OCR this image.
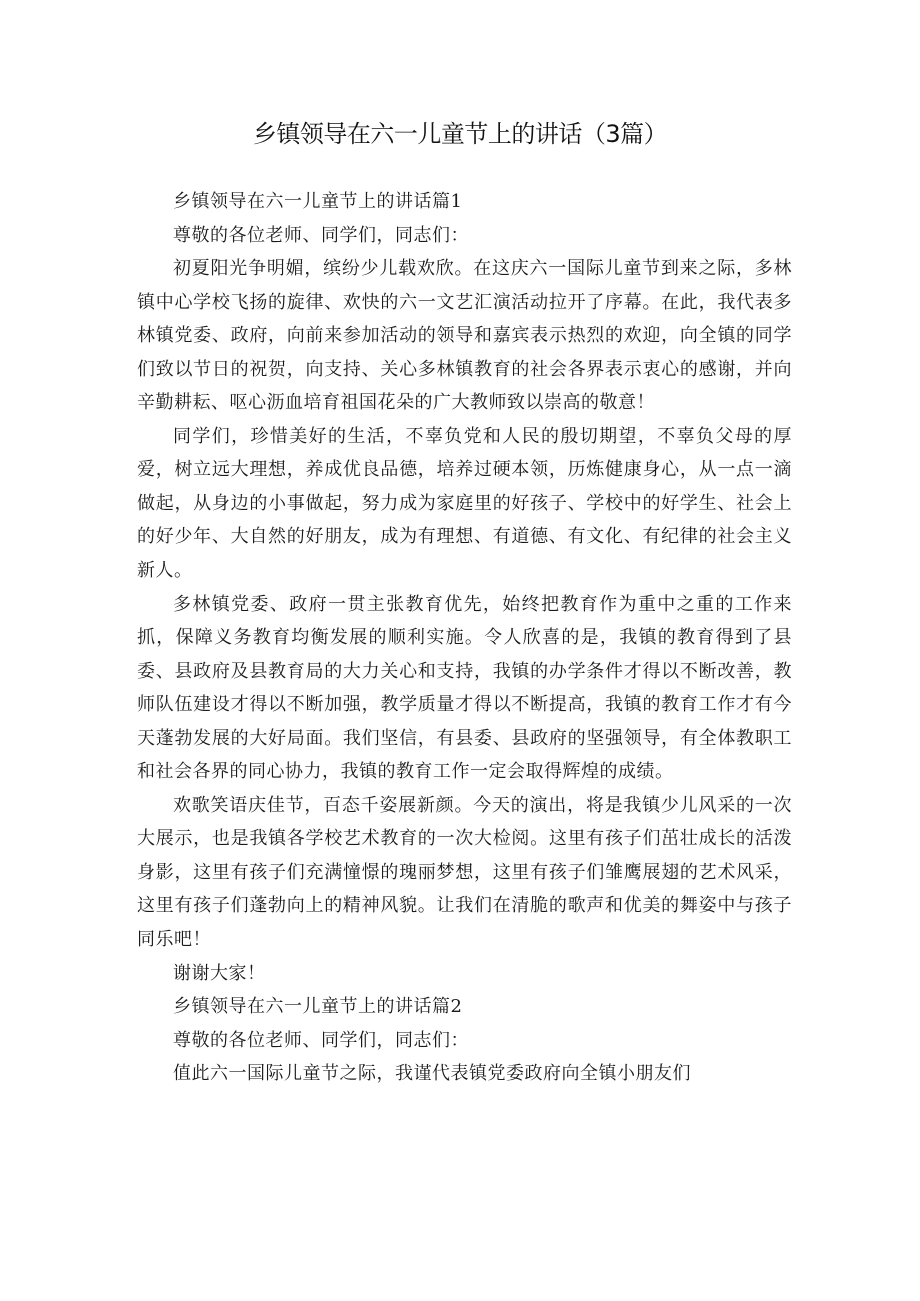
乡镇领导在六一儿童节上的讲话（3篇）

乡镇领导在六一儿童节上的讲话篇1

尊敬的各位老师、同学们，同志们：

初夏阳光争明媚，缤纷少儿载欢欣。在这庆六一国际儿童节到来之际，多林镇中心学校飞扬的旋律、欢快的六一文艺汇演活动拉开了序幕。在此，我代表多林镇党委、政府，向前来参加活动的领导和嘉宾表示热烈的欢迎，向全镇的同学们致以节日的祝贺，向支持、关心多林镇教育的社会各界表示衷心的感谢，并向辛勤耕耘、呕心沥血培育祖国花朵的广大教师致以崇高的敬意！

同学们，珍惜美好的生活，不辜负党和人民的殷切期望，不辜负父母的厚爱，树立远大理想，养成优良品德，培养过硬本领，历炼健康身心，从一点一滴做起，从身边的小事做起，努力成为家庭里的好孩子、学校中的好学生、社会上的好少年、大自然的好朋友，成为有理想、有道德、有文化、有纪律的社会主义新人。

多林镇党委、政府一贯主张教育优先，始终把教育作为重中之重的工作来抓，保障义务教育均衡发展的顺利实施。令人欣喜的是，我镇的教育得到了县委、县政府及县教育局的大力关心和支持，我镇的办学条件才得以不断改善，教师队伍建设才得以不断加强，教学质量才得以不断提高，我镇的教育工作才有今天蓬勃发展的大好局面。我们坚信，有县委、县政府的坚强领导，有全体教职工和社会各界的同心协力，我镇的教育工作一定会取得辉煌的成绩。

欢歌笑语庆佳节，百态千姿展新颜。今天的演出，将是我镇少儿风采的一次大展示，也是我镇各学校艺术教育的一次大检阅。这里有孩子们茁壮成长的活泼身影，这里有孩子们充满憧憬的瑰丽梦想，这里有孩子们雏鹰展翅的艺术风采，这里有孩子们蓬勃向上的精神风貌。让我们在清脆的歌声和优美的舞姿中与孩子同乐吧！

谢谢大家！

乡镇领导在六一儿童节上的讲话篇2

尊敬的各位老师、同学们，同志们：

值此六一国际儿童节之际，我谨代表镇党委政府向全镇小朋友们
